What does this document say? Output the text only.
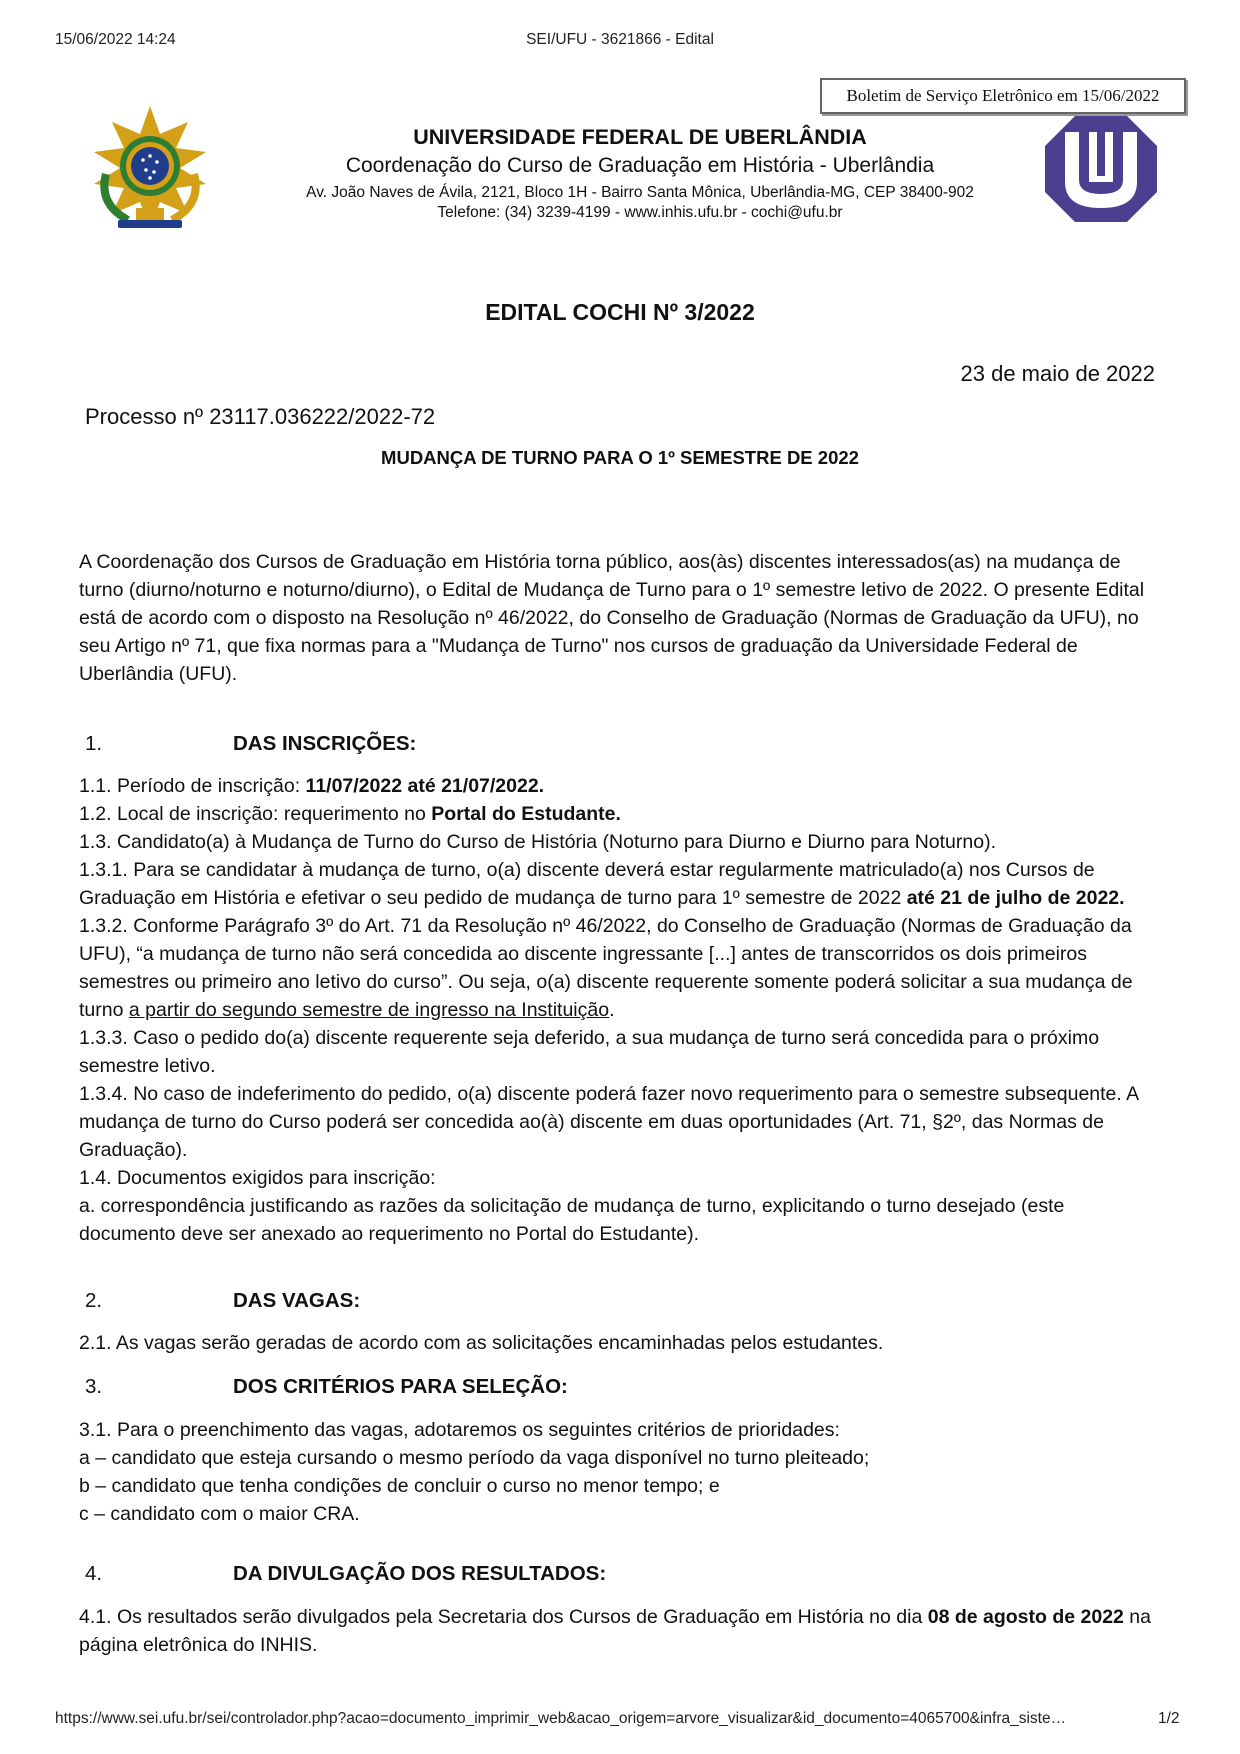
15/06/2022 14:24	SEI/UFU - 3621866 - Edital
Boletim de Serviço Eletrônico em 15/06/2022
UNIVERSIDADE FEDERAL DE UBERLÂNDIA
Coordenação do Curso de Graduação em História - Uberlândia
Av. João Naves de Ávila, 2121, Bloco 1H - Bairro Santa Mônica, Uberlândia-MG, CEP 38400-902
Telefone: (34) 3239-4199 - www.inhis.ufu.br - cochi@ufu.br
EDITAL COCHI Nº 3/2022
23 de maio de 2022
Processo nº 23117.036222/2022-72
MUDANÇA DE TURNO PARA O 1º SEMESTRE DE 2022
A Coordenação dos Cursos de Graduação em História torna público, aos(às) discentes interessados(as) na mudança de turno (diurno/noturno e noturno/diurno), o Edital de Mudança de Turno para o 1º semestre letivo de 2022. O presente Edital está de acordo com o disposto na Resolução nº 46/2022, do Conselho de Graduação (Normas de Graduação da UFU), no seu Artigo nº 71, que fixa normas para a "Mudança de Turno" nos cursos de graduação da Universidade Federal de Uberlândia (UFU).
1.	DAS INSCRIÇÕES:

1.1. Período de inscrição: 11/07/2022 até 21/07/2022.

1.2. Local de inscrição: requerimento no Portal do Estudante.

1.3. Candidato(a) à Mudança de Turno do Curso de História (Noturno para Diurno e Diurno para Noturno).

1.3.1. Para se candidatar à mudança de turno, o(a) discente deverá estar regularmente matriculado(a) nos Cursos de Graduação em História e efetivar o seu pedido de mudança de turno para 1º semestre de 2022 até 21 de julho de 2022.

1.3.2. Conforme Parágrafo 3º do Art. 71 da Resolução nº 46/2022, do Conselho de Graduação (Normas de Graduação da UFU), “a mudança de turno não será concedida ao discente ingressante [...] antes de transcorridos os dois primeiros semestres ou primeiro ano letivo do curso”. Ou seja, o(a) discente requerente somente poderá solicitar a sua mudança de turno a partir do segundo semestre de ingresso na Instituição.

1.3.3. Caso o pedido do(a) discente requerente seja deferido, a sua mudança de turno será concedida para o próximo semestre letivo.

1.3.4. No caso de indeferimento do pedido, o(a) discente poderá fazer novo requerimento para o semestre subsequente. A mudança de turno do Curso poderá ser concedida ao(à) discente em duas oportunidades (Art. 71, §2º, das Normas de Graduação).

1.4. Documentos exigidos para inscrição:

a. correspondência justificando as razões da solicitação de mudança de turno, explicitando o turno desejado (este documento deve ser anexado ao requerimento no Portal do Estudante).

2.	DAS VAGAS:

2.1. As vagas serão geradas de acordo com as solicitações encaminhadas pelos estudantes.

3.	DOS CRITÉRIOS PARA SELEÇÃO:

3.1. Para o preenchimento das vagas, adotaremos os seguintes critérios de prioridades:

a – candidato que esteja cursando o mesmo período da vaga disponível no turno pleiteado;

b – candidato que tenha condições de concluir o curso no menor tempo; e

c – candidato com o maior CRA.

4.	DA DIVULGAÇÃO DOS RESULTADOS:

4.1. Os resultados serão divulgados pela Secretaria dos Cursos de Graduação em História no dia 08 de agosto de 2022 na página eletrônica do INHIS.

https://www.sei.ufu.br/sei/controlador.php?acao=documento_imprimir_web&acao_origem=arvore_visualizar&id_documento=4065700&infra_siste…	1/2
